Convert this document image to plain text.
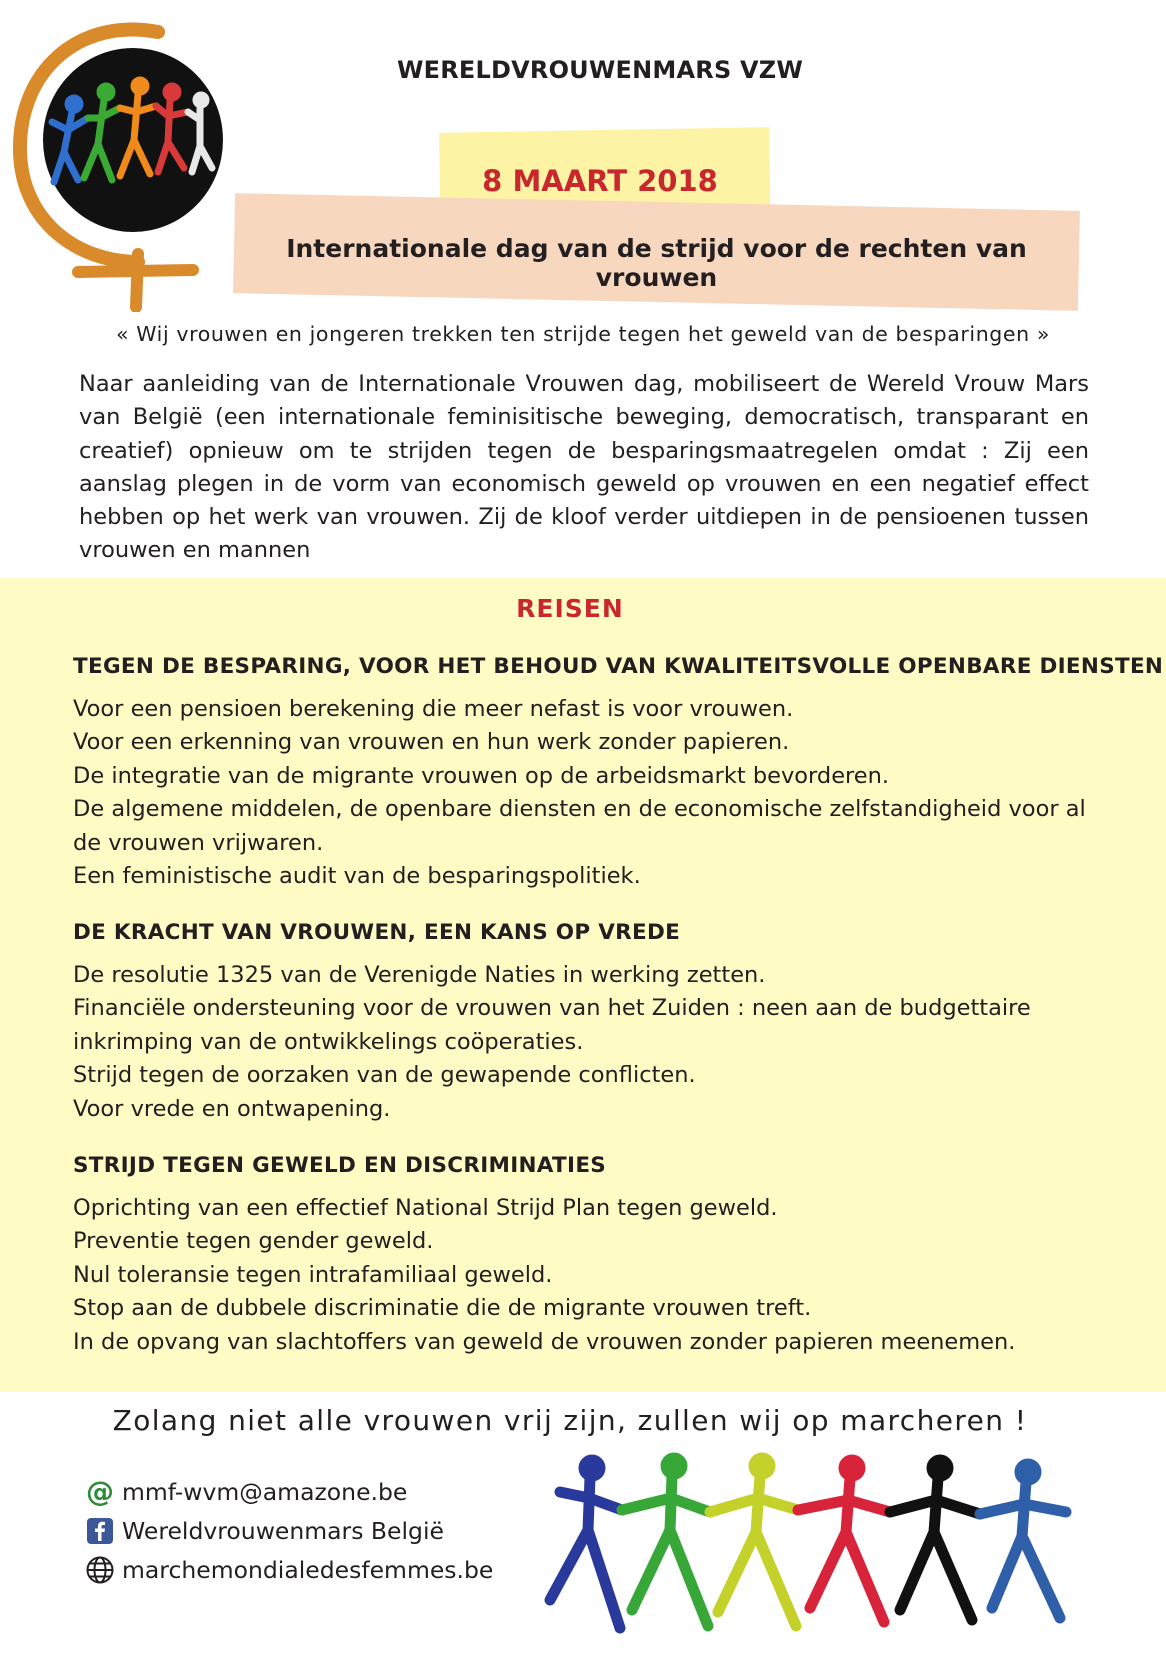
WERELDVROUWENMARS VZW
8 MAART 2018
Internationale dag van de strijd voor de rechten van vrouwen
« Wij vrouwen en jongeren trekken ten strijde tegen het geweld van de besparingen »
Naar aanleiding van de Internationale Vrouwen dag, mobiliseert de Wereld Vrouw Mars van België (een internationale feminisitische beweging, democratisch, transparant en creatief) opnieuw om te strijden tegen de besparingsmaatregelen omdat : Zij een aanslag plegen in de vorm van economisch geweld op vrouwen en een negatief effect hebben op het werk van vrouwen. Zij de kloof verder uitdiepen in de pensioenen tussen vrouwen en mannen
REISEN
TEGEN DE BESPARING, VOOR HET BEHOUD VAN KWALITEITSVOLLE OPENBARE DIENSTEN
Voor een pensioen berekening die meer nefast is voor vrouwen.
Voor een erkenning van vrouwen en hun werk zonder papieren.
De integratie van de migrante vrouwen op de arbeidsmarkt bevorderen.
De algemene middelen, de openbare diensten en de economische zelfstandigheid voor al de vrouwen vrijwaren.
Een feministische audit van de besparingspolitiek.
DE KRACHT VAN VROUWEN, EEN KANS OP VREDE
De resolutie 1325 van de Verenigde Naties in werking zetten.
Financiële ondersteuning voor de vrouwen van het Zuiden : neen aan de budgettaire inkrimping van de ontwikkelings coöperaties.
Strijd tegen de oorzaken van de gewapende conflicten.
Voor vrede en ontwapening.
STRIJD TEGEN GEWELD EN DISCRIMINATIES
Oprichting van een effectief National Strijd Plan tegen geweld.
Preventie tegen gender geweld.
Nul toleransie tegen intrafamiliaal geweld.
Stop aan de dubbele discriminatie die de migrante vrouwen treft.
In de opvang van slachtoffers van geweld de vrouwen zonder papieren meenemen.
Zolang niet alle vrouwen vrij zijn, zullen wij op marcheren !
@ mmf-wvm@amazone.be
Wereldvrouwenmars België
marchemondialedesfemmes.be
